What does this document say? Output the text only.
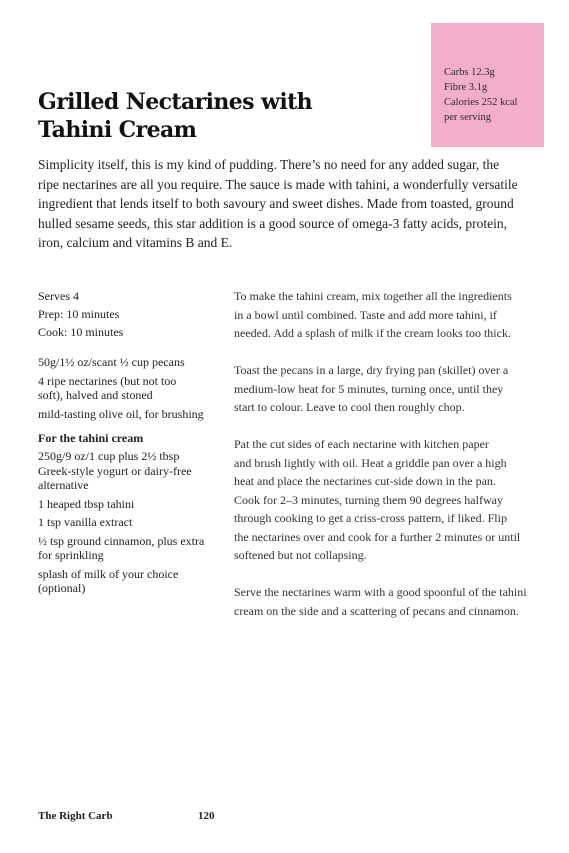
Carbs 12.3g
Fibre 3.1g
Calories 252 kcal
per serving
Grilled Nectarines with
Tahini Cream
Simplicity itself, this is my kind of pudding. There’s no need for any added sugar, the
ripe nectarines are all you require. The sauce is made with tahini, a wonderfully versatile
ingredient that lends itself to both savoury and sweet dishes. Made from toasted, ground
hulled sesame seeds, this star addition is a good source of omega-3 fatty acids, protein,
iron, calcium and vitamins B and E.
Serves 4
Prep: 10 minutes
Cook: 10 minutes
50g/1½ oz/scant ½ cup pecans
4 ripe nectarines (but not too
soft), halved and stoned
mild-tasting olive oil, for brushing
For the tahini cream
250g/9 oz/1 cup plus 2½ tbsp
Greek-style yogurt or dairy-free
alternative
1 heaped tbsp tahini
1 tsp vanilla extract
½ tsp ground cinnamon, plus extra
for sprinkling
splash of milk of your choice
(optional)
To make the tahini cream, mix together all the ingredients
in a bowl until combined. Taste and add more tahini, if
needed. Add a splash of milk if the cream looks too thick.
Toast the pecans in a large, dry frying pan (skillet) over a
medium-low heat for 5 minutes, turning once, until they
start to colour. Leave to cool then roughly chop.
Pat the cut sides of each nectarine with kitchen paper
and brush lightly with oil. Heat a griddle pan over a high
heat and place the nectarines cut-side down in the pan.
Cook for 2–3 minutes, turning them 90 degrees halfway
through cooking to get a criss-cross pattern, if liked. Flip
the nectarines over and cook for a further 2 minutes or until
softened but not collapsing.
Serve the nectarines warm with a good spoonful of the tahini
cream on the side and a scattering of pecans and cinnamon.
The Right Carb	120
